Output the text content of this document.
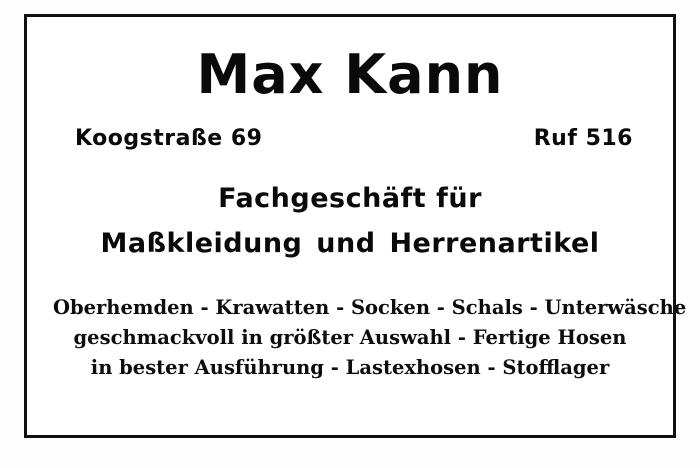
Max Kann
Koogstraße 69	Ruf 516
Fachgeschäft für
Maßkleidung und Herrenartikel
Oberhemden - Krawatten - Socken - Schals - Unterwäsche
geschmackvoll in größter Auswahl - Fertige Hosen
in bester Ausführung - Lastexhosen - Stofflager
